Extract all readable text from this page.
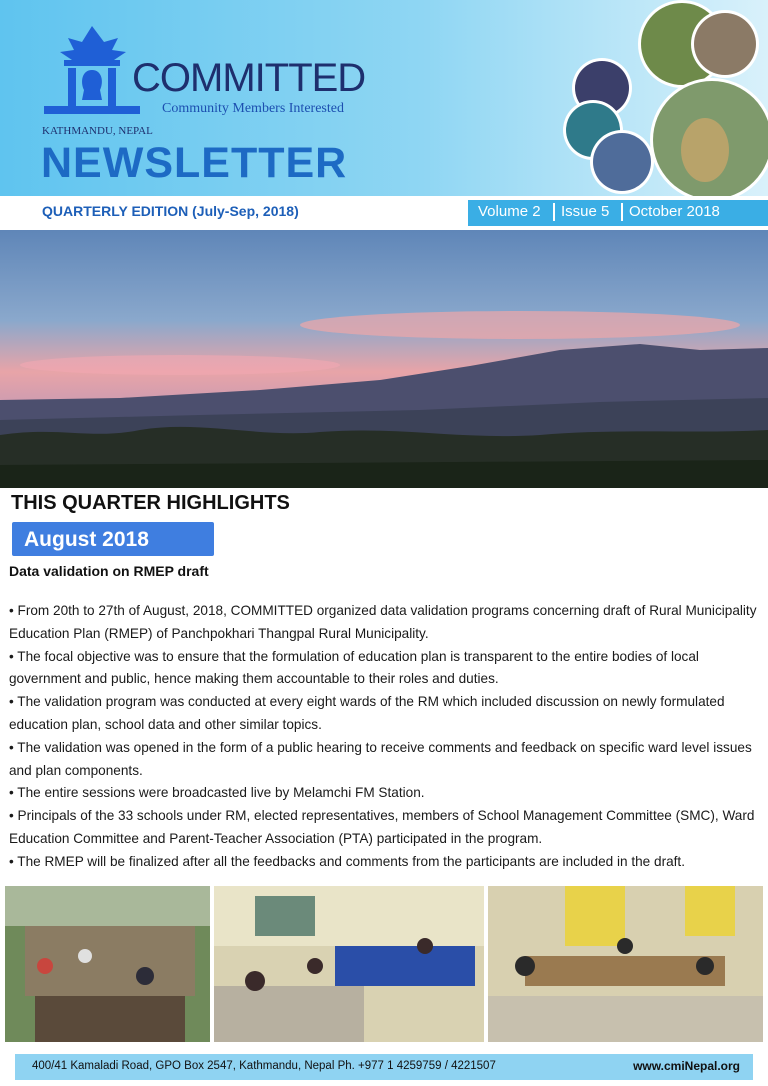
COMMITTED
Community Members Interested
KATHMANDU, NEPAL
NEWSLETTER
QUARTERLY EDITION (July-Sep, 2018)	Volume 2 Issue 5 October 2018
THIS QUARTER HIGHLIGHTS
August 2018
Data validation on RMEP draft

• From 20th to 27th of August, 2018, COMMITTED organized data validation programs concerning draft of Rural Municipality Education Plan (RMEP) of Panchpokhari Thangpal Rural Municipality.

• The focal objective was to ensure that the formulation of education plan is transparent to the entire bodies of local government and public, hence making them accountable to their roles and duties.

• The validation program was conducted at every eight wards of the RM which included discussion on newly formulated education plan, school data and other similar topics.

• The validation was opened in the form of a public hearing to receive comments and feedback on specific ward level issues and plan components.

• The entire sessions were broadcasted live by Melamchi FM Station.

• Principals of the 33 schools under RM, elected representatives, members of School Management Committee (SMC), Ward Education Committee and Parent-Teacher Association (PTA) participated in the program.

• The RMEP will be finalized after all the feedbacks and comments from the participants are included in the draft.

400/41 Kamaladi Road, GPO Box 2547, Kathmandu, Nepal Ph. +977 1 4259759 / 4221507	www.cmiNepal.org
